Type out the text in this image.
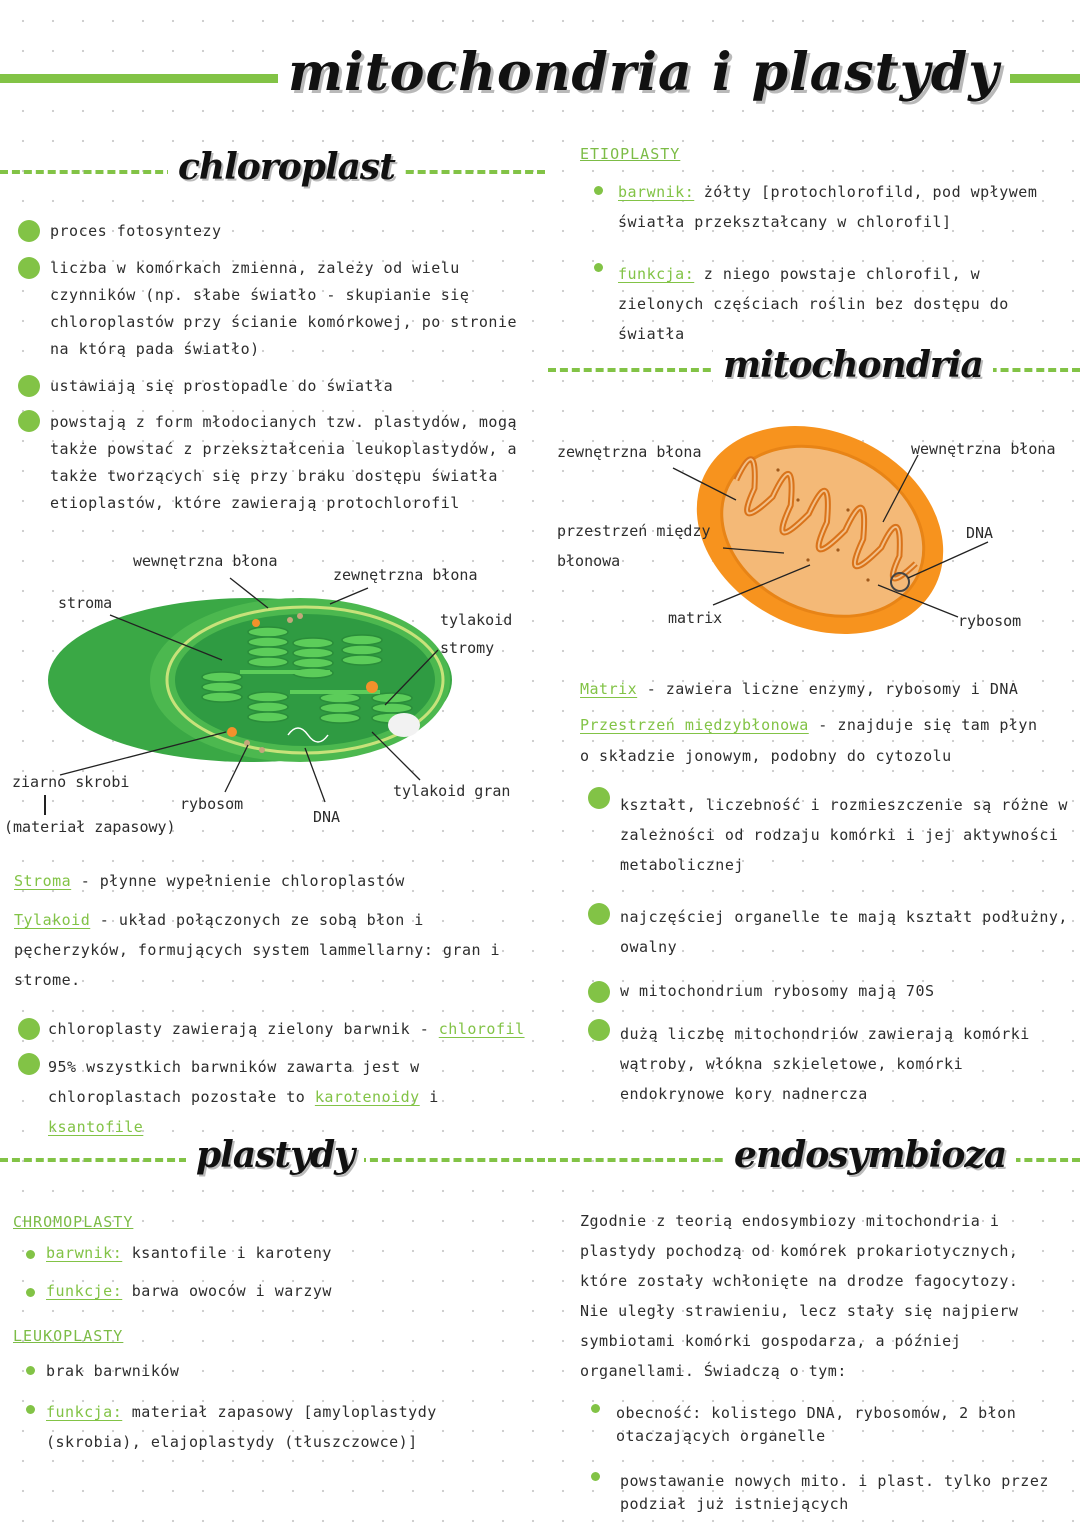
mitochondria i plastydy
chloroplast
proces fotosyntezy
liczba w komórkach zmienna, zależy od wielu czynników (np. słabe światło - skupianie się chloroplastów przy ścianie komórkowej, po stronie na którą pada światło)
ustawiają się prostopadle do światła
powstają z form młodocianych tzw. plastydów, mogą także powstać z przekształcenia leukoplastydów, a także tworzących się przy braku dostępu światła etioplastów, które zawierają protochlorofil
wewnętrzna błona
zewnętrzna błona
stroma
tylakoid stromy
ziarno skrobi
(materiał zapasowy)
rybosom
DNA
tylakoid gran
Stroma - płynne wypełnienie chloroplastów
Tylakoid - układ połączonych ze sobą błon i pęcherzyków, formujących system lammellarny: gran i strome.
chloroplasty zawierają zielony barwnik - chlorofil
95% wszystkich barwników zawarta jest w chloroplastach pozostałe to karotenoidy i ksantofile
ETIOPLASTY
barwnik: żółty [protochlorofild, pod wpływem światła przekształcany w chlorofil]
funkcja: z niego powstaje chlorofil, w zielonych częściach roślin bez dostępu do światła
mitochondria
zewnętrzna błona
przestrzeń między błonowa
matrix
wewnętrzna błona
DNA
rybosom
Matrix - zawiera liczne enzymy, rybosomy i DNA
Przestrzeń międzybłonowa - znajduje się tam płyn o składzie jonowym, podobny do cytozolu
kształt, liczebność i rozmieszczenie są różne w zależności od rodzaju komórki i jej aktywności metabolicznej
najczęściej organelle te mają kształt podłużny, owalny
w mitochondrium rybosomy mają 70S
dużą liczbę mitochondriów zawierają komórki wątroby, włókna szkieletowe, komórki endokrynowe kory nadnercza
plastydy
CHROMOPLASTY
barwnik: ksantofile i karoteny
funkcje: barwa owoców i warzyw
LEUKOPLASTY
brak barwników
funkcja: materiał zapasowy [amyloplastydy (skrobia), elajoplastydy (tłuszczowce)]
endosymbioza
Zgodnie z teorią endosymbiozy mitochondria i plastydy pochodzą od komórek prokariotycznych, które zostały wchłonięte na drodze fagocytozy. Nie uległy strawieniu, lecz stały się najpierw symbiotami komórki gospodarza, a później organellami. Świadczą o tym:
obecność: kolistego DNA, rybosomów, 2 błon otaczających organelle
powstawanie nowych mito. i plast. tylko przez podział już istniejących
